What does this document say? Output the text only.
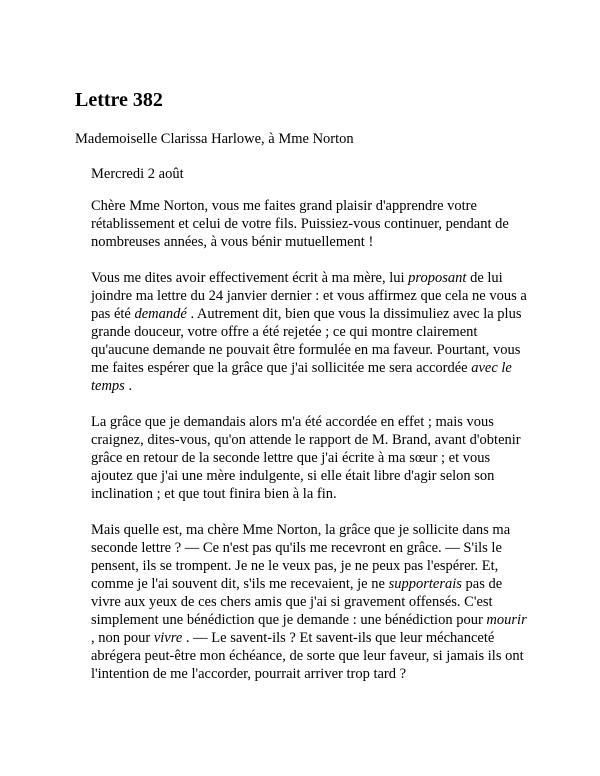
Lettre 382

Mademoiselle Clarissa Harlowe, à Mme Norton

Mercredi 2 août

Chère Mme Norton, vous me faites grand plaisir d'apprendre votre rétablissement et celui de votre fils. Puissiez-vous continuer, pendant de nombreuses années, à vous bénir mutuellement !

Vous me dites avoir effectivement écrit à ma mère, lui proposant de lui joindre ma lettre du 24 janvier dernier : et vous affirmez que cela ne vous a pas été demandé . Autrement dit, bien que vous la dissimuliez avec la plus grande douceur, votre offre a été rejetée ; ce qui montre clairement qu'aucune demande ne pouvait être formulée en ma faveur. Pourtant, vous me faites espérer que la grâce que j'ai sollicitée me sera accordée avec le temps .

La grâce que je demandais alors m'a été accordée en effet ; mais vous craignez, dites-vous, qu'on attende le rapport de M. Brand, avant d'obtenir grâce en retour de la seconde lettre que j'ai écrite à ma sœur ; et vous ajoutez que j'ai une mère indulgente, si elle était libre d'agir selon son inclination ; et que tout finira bien à la fin.

Mais quelle est, ma chère Mme Norton, la grâce que je sollicite dans ma seconde lettre ? — Ce n'est pas qu'ils me recevront en grâce. — S'ils le pensent, ils se trompent. Je ne le veux pas, je ne peux pas l'espérer. Et, comme je l'ai souvent dit, s'ils me recevaient, je ne supporterais pas de vivre aux yeux de ces chers amis que j'ai si gravement offensés. C'est simplement une bénédiction que je demande : une bénédiction pour mourir , non pour vivre . — Le savent-ils ? Et savent-ils que leur méchanceté abrégera peut-être mon échéance, de sorte que leur faveur, si jamais ils ont l'intention de me l'accorder, pourrait arriver trop tard ?
